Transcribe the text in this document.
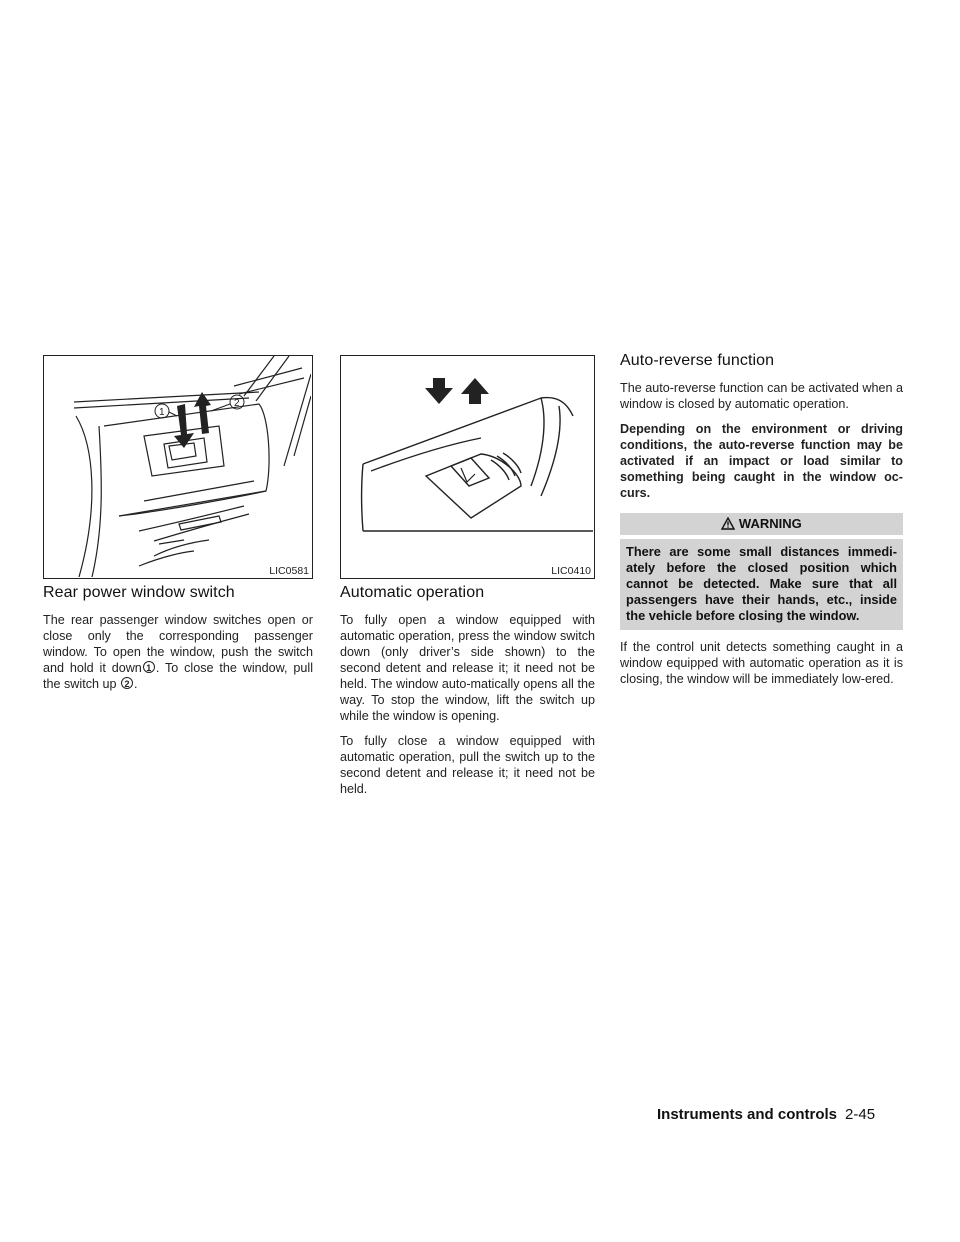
1
2
LIC0581
Rear power window switch

The rear passenger window switches open or close only the corresponding passenger window. To open the window, push the switch and hold it down 1 . To close the window, pull the switch up 2 .

LIC0410
Automatic operation

To fully open a window equipped with automatic operation, press the window switch down (only driver’s side shown) to the second detent and release it; it need not be held. The window auto-matically opens all the way. To stop the window, lift the switch up while the window is opening.

To fully close a window equipped with automatic operation, pull the switch up to the second detent and release it; it need not be held.

Auto-reverse function

The auto-reverse function can be activated when a window is closed by automatic operation.

Depending on the environment or driving conditions, the auto-reverse function may be activated if an impact or load similar to something being caught in the window oc-curs.

WARNING
There are some small distances immedi-ately before the closed position which cannot be detected. Make sure that all passengers have their hands, etc., inside the vehicle before closing the window.

If the control unit detects something caught in a window equipped with automatic operation as it is closing, the window will be immediately low-ered.

Instruments and controls 2-45
